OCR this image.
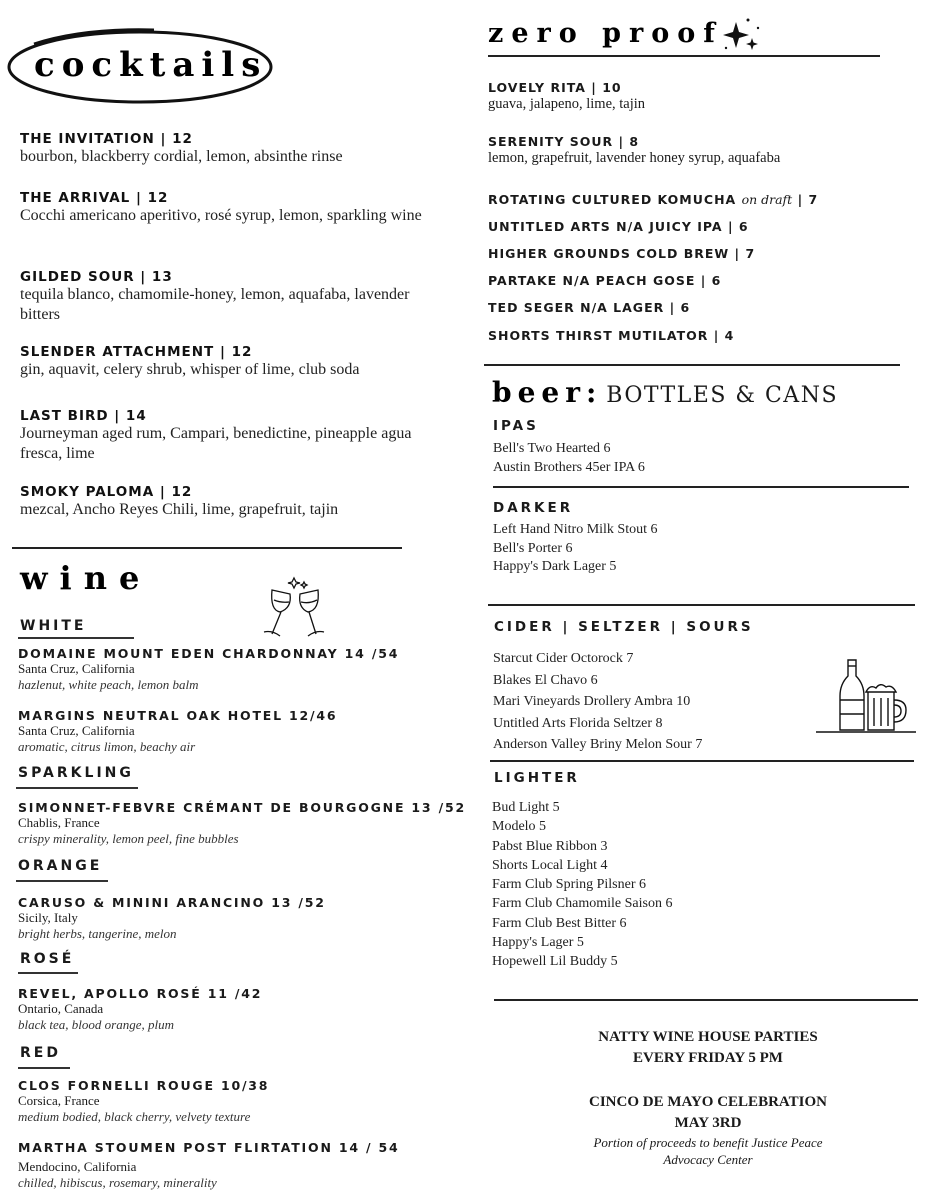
cocktails
THE INVITATION | 12
bourbon, blackberry cordial, lemon, absinthe rinse
THE ARRIVAL | 12
Cocchi americano aperitivo, rosé syrup, lemon, sparkling wine
GILDED SOUR | 13
tequila blanco, chamomile-honey, lemon, aquafaba, lavender bitters
SLENDER ATTACHMENT | 12
gin, aquavit, celery shrub, whisper of lime, club soda
LAST BIRD | 14
Journeyman aged rum, Campari, benedictine, pineapple agua fresca, lime
SMOKY PALOMA | 12
mezcal, Ancho Reyes Chili, lime, grapefruit, tajin
wine
WHITE
DOMAINE MOUNT EDEN CHARDONNAY 14 /54
Santa Cruz, California
hazlenut, white peach, lemon balm
MARGINS NEUTRAL OAK HOTEL 12/46
Santa Cruz, California
aromatic, citrus limon, beachy air
SPARKLING
SIMONNET-FEBVRE CRÉMANT DE BOURGOGNE 13 /52
Chablis, France
crispy minerality, lemon peel, fine bubbles
ORANGE
CARUSO & MININI ARANCINO 13 /52
Sicily, Italy
bright herbs, tangerine, melon
ROSÉ
REVEL, APOLLO ROSÉ 11 /42
Ontario, Canada
black tea, blood orange, plum
RED
CLOS FORNELLI ROUGE 10/38
Corsica, France
medium bodied, black cherry, velvety texture
MARTHA STOUMEN POST FLIRTATION 14 / 54
Mendocino, California
chilled, hibiscus, rosemary, minerality
zero proof
LOVELY RITA | 10
guava, jalapeno, lime, tajin
SERENITY SOUR | 8
lemon, grapefruit, lavender honey syrup, aquafaba
ROTATING CULTURED KOMUCHA on draft | 7
UNTITLED ARTS N/A JUICY IPA | 6
HIGHER GROUNDS COLD BREW | 7
PARTAKE N/A PEACH GOSE | 6
TED SEGER N/A LAGER | 6
SHORTS THIRST MUTILATOR | 4
beer: BOTTLES & CANS
IPAS
Bell's Two Hearted 6
Austin Brothers 45er IPA 6
DARKER
Left Hand Nitro Milk Stout 6
Bell's Porter 6
Happy's Dark Lager 5
CIDER | SELTZER | SOURS
Starcut Cider Octorock 7
Blakes El Chavo 6
Mari Vineyards Drollery Ambra 10
Untitled Arts Florida Seltzer 8
Anderson Valley Briny Melon Sour 7
LIGHTER
Bud Light 5
Modelo 5
Pabst Blue Ribbon 3
Shorts Local Light 4
Farm Club Spring Pilsner 6
Farm Club Chamomile Saison 6
Farm Club Best Bitter 6
Happy's Lager 5
Hopewell Lil Buddy 5
NATTY WINE HOUSE PARTIES
EVERY FRIDAY 5 PM
CINCO DE MAYO CELEBRATION
MAY 3RD
Portion of proceeds to benefit Justice Peace
Advocacy Center
